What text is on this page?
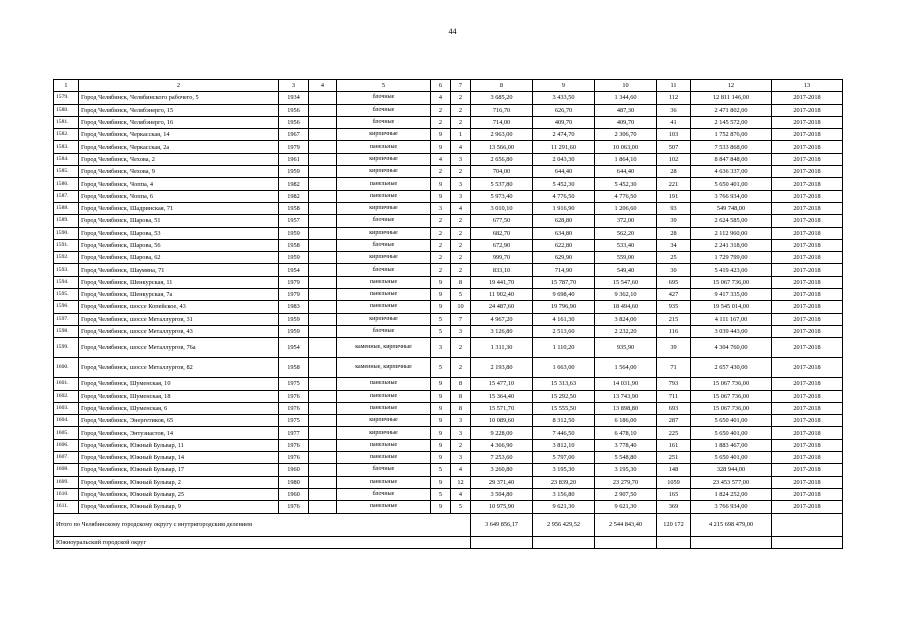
44
1	2	3	4	5	6	7	8	9	10	11	12	13
1579.	Город Челябинск, Челябинского рабочего, 5	1934		блочные	4	2	3 685,20	3 433,50	1 344,60	112	12 811 146,00	2017-2018
1580.	Город Челябинск, Челябэнерго, 15	1956		блочные	2	2	716,70	626,70	487,30	36	2 471 802,00	2017-2018
1581.	Город Челябинск, Челябэнерго, 16	1956		блочные	2	2	714,00	409,70	409,70	41	2 145 572,00	2017-2018
1582.	Город Челябинск, Черкасская, 14	1967		кирпичные	9	1	2 963,00	2 474,70	2 306,70	103	1 752 876,00	2017-2018
1583.	Город Челябинск, Черкасская, 2а	1979		панельные	9	4	13 566,00	11 291,60	10 063,00	507	7 533 868,00	2017-2018
1584.	Город Челябинск, Чехова, 2	1961		кирпичные	4	3	2 656,80	2 043,30	1 864,10	102	8 847 848,00	2017-2018
1585.	Город Челябинск, Чехова, 9	1959		кирпичные	2	2	704,00	644,40	644,40	28	4 636 337,00	2017-2018
1586.	Город Челябинск, Чоппа, 4	1982		панельные	9	3	5 537,80	5 452,30	5 452,30	221	5 650 401,00	2017-2018
1587.	Город Челябинск, Чоппа, 6	1982		панельные	9	3	5 973,40	4 776,50	4 776,50	191	3 766 934,00	2017-2018
1588.	Город Челябинск, Шадринская, 71	1958		кирпичные	3	4	3 010,10	1 916,90	1 206,60	93	549 748,00	2017-2018
1589.	Город Челябинск, Шарова, 51	1957		блочные	2	2	677,50	628,80	372,00	39	2 624 585,00	2017-2018
1590.	Город Челябинск, Шарова, 53	1959		кирпичные	2	2	682,70	634,80	562,20	28	2 112 960,00	2017-2018
1591.	Город Челябинск, Шарова, 56	1958		блочные	2	2	672,90	622,80	533,40	34	2 241 318,00	2017-2018
1592.	Город Челябинск, Шарова, 62	1959		кирпичные	2	2	999,70	629,90	559,00	25	1 729 799,00	2017-2018
1593.	Город Челябинск, Шаумяна, 71	1954		блочные	2	2	833,10	714,90	549,40	30	5 419 423,00	2017-2018
1594.	Город Челябинск, Шенкурская, 11	1979		панельные	9	8	19 441,70	15 787,70	15 547,60	695	15 067 736,00	2017-2018
1595.	Город Челябинск, Шенкурская, 7а	1979		панельные	9	5	11 902,40	9 698,40	9 362,10	427	9 417 335,00	2017-2018
1596.	Город Челябинск, шоссе Копейское, 43	1983		панельные	9	10	24 487,60	19 796,90	18 494,60	935	19 545 014,00	2017-2018
1597.	Город Челябинск, шоссе Металлургов, 31	1959		кирпичные	5	7	4 967,20	4 161,30	3 824,00	215	4 111 167,00	2017-2018
1598.	Город Челябинск, шоссе Металлургов, 43	1959		блочные	5	3	3 126,80	2 513,60	2 232,20	116	3 039 443,00	2017-2018
1599.	Город Челябинск, шоссе Металлургов, 76а	1954		каменные, кирпичные	3	2	1 311,30	1 110,20	935,90	39	4 304 760,00	2017-2018
1600.	Город Челябинск, шоссе Металлургов, 82	1958		каменные, кирпичные	5	2	2 193,80	1 663,00	1 564,00	71	2 657 430,00	2017-2018
1601.	Город Челябинск, Шуменская, 10	1975		панельные	9	8	15 477,10	15 313,63	14 031,90	793	15 067 736,00	2017-2018
1602.	Город Челябинск, Шуменская, 18	1976		панельные	9	8	15 364,40	15 292,50	13 743,90	711	15 067 736,00	2017-2018
1603.	Город Челябинск, Шуменская, 6	1976		панельные	9	8	15 571,70	15 555,50	13 898,80	693	15 067 736,00	2017-2018
1604.	Город Челябинск, Энергетиков, 65	1975		кирпичные	9	3	10 089,60	8 312,50	6 186,00	287	5 650 401,00	2017-2018
1605.	Город Челябинск, Энтузиастов, 14	1977		кирпичные	9	3	9 228,00	7 446,50	6 478,10	225	5 650 401,00	2017-2018
1606.	Город Челябинск, Южный Бульвар, 11	1976		панельные	9	2	4 366,90	3 812,10	3 778,40	161	1 883 467,00	2017-2018
1607.	Город Челябинск, Южный Бульвар, 14	1976		панельные	9	3	7 253,60	5 797,00	5 548,80	251	5 650 401,00	2017-2018
1608.	Город Челябинск, Южный Бульвар, 17	1960		блочные	5	4	3 260,80	3 195,30	3 195,30	148	328 944,00	2017-2018
1609.	Город Челябинск, Южный Бульвар, 2	1980		панельные	9	12	29 371,40	23 839,20	23 279,70	1059	23 453 577,00	2017-2018
1610.	Город Челябинск, Южный Бульвар, 25	1960		блочные	5	4	3 504,80	3 156,80	2 907,50	165	1 824 252,00	2017-2018
1611.	Город Челябинск, Южный Бульвар, 9	1976		панельные	9	5	10 975,90	9 621,30	9 621,30	369	3 766 934,00	2017-2018
Итого по Челябинскому городскому округу с внутригородским делением							3 649 856,17	2 956 429,52	2 544 843,40	120 172	4 215 698 479,00	
Южноуральский городской округ												
